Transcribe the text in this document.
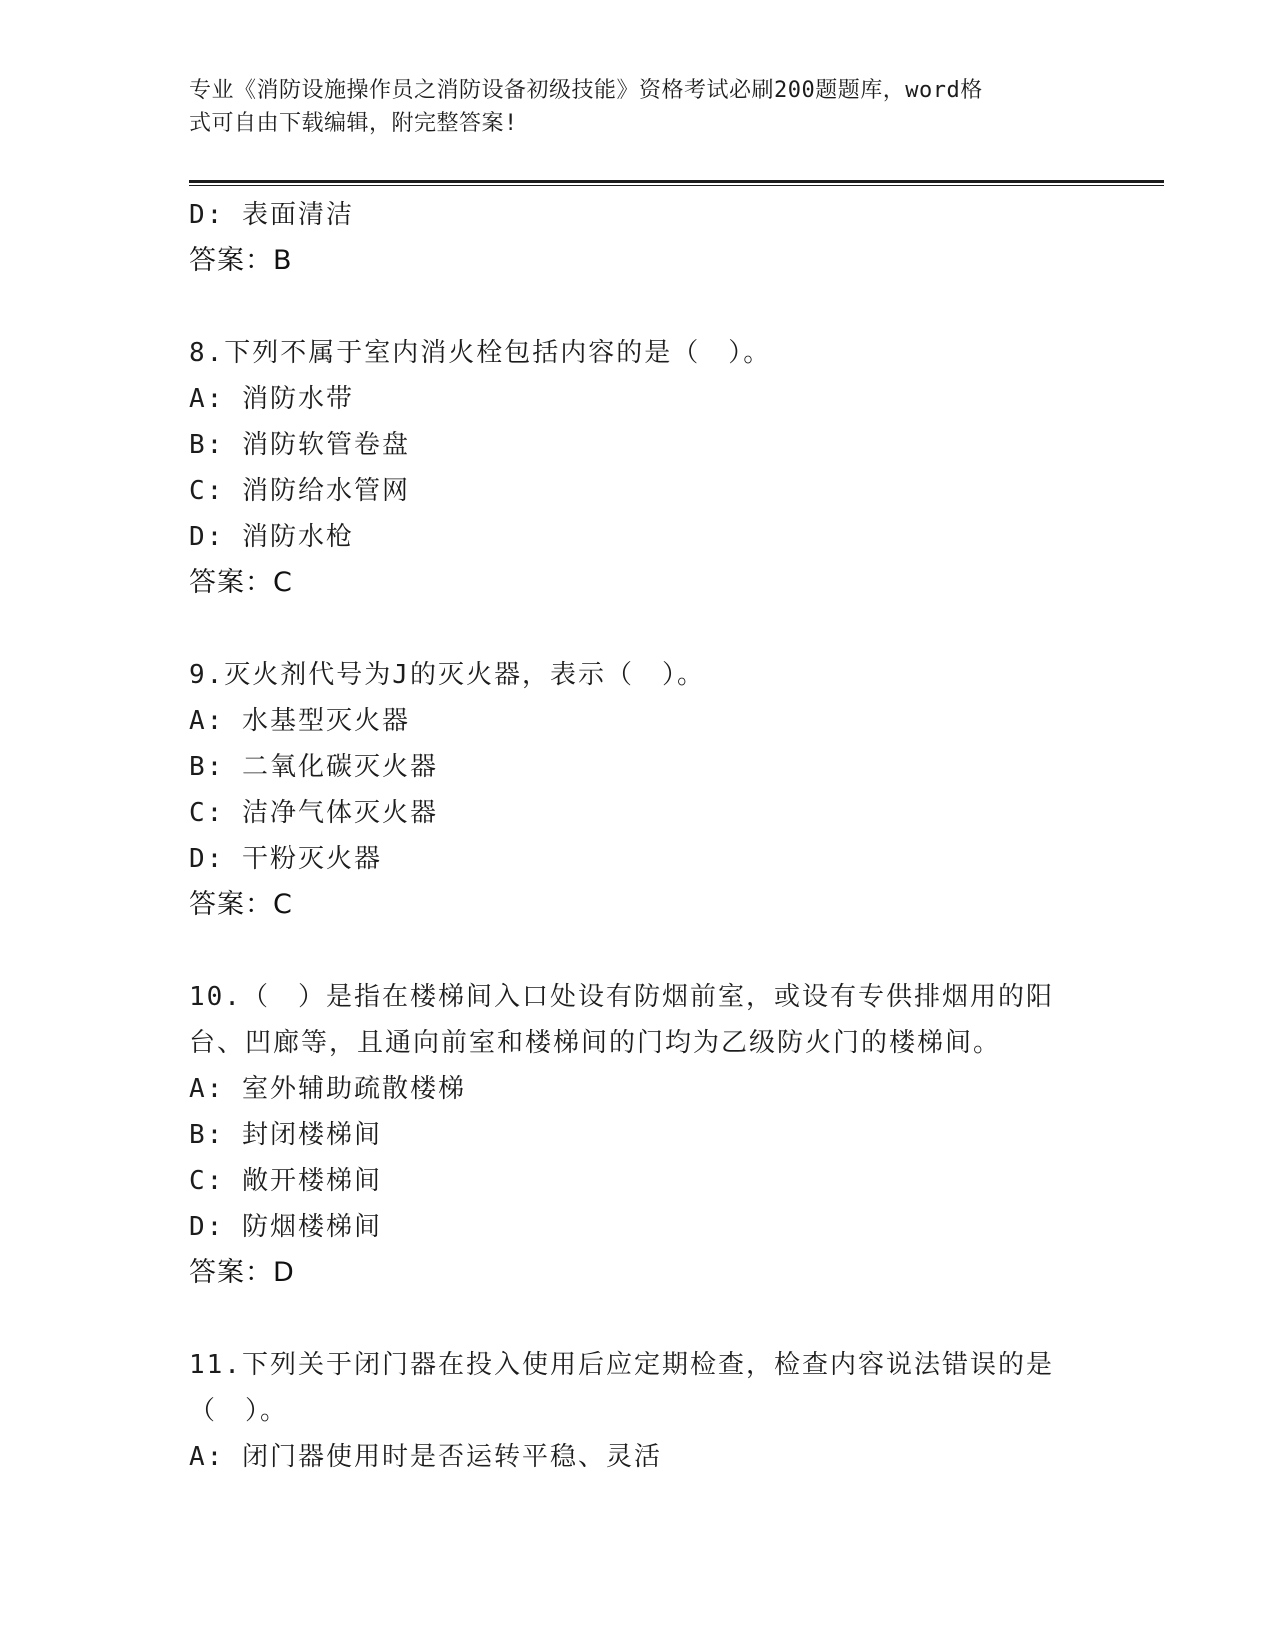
专业《消防设施操作员之消防设备初级技能》资格考试必刷200题题库，word格
式可自由下载编辑，附完整答案!
D: 表面清洁
答案：B
8.下列不属于室内消火栓包括内容的是（　）。
A: 消防水带
B: 消防软管卷盘
C: 消防给水管网
D: 消防水枪
答案：C
9.灭火剂代号为J的灭火器，表示（　）。
A: 水基型灭火器
B: 二氧化碳灭火器
C: 洁净气体灭火器
D: 干粉灭火器
答案：C
10.（　）是指在楼梯间入口处设有防烟前室，或设有专供排烟用的阳
台、凹廊等，且通向前室和楼梯间的门均为乙级防火门的楼梯间。
A: 室外辅助疏散楼梯
B: 封闭楼梯间
C: 敞开楼梯间
D: 防烟楼梯间
答案：D
11.下列关于闭门器在投入使用后应定期检查，检查内容说法错误的是
（　）。
A: 闭门器使用时是否运转平稳、灵活
